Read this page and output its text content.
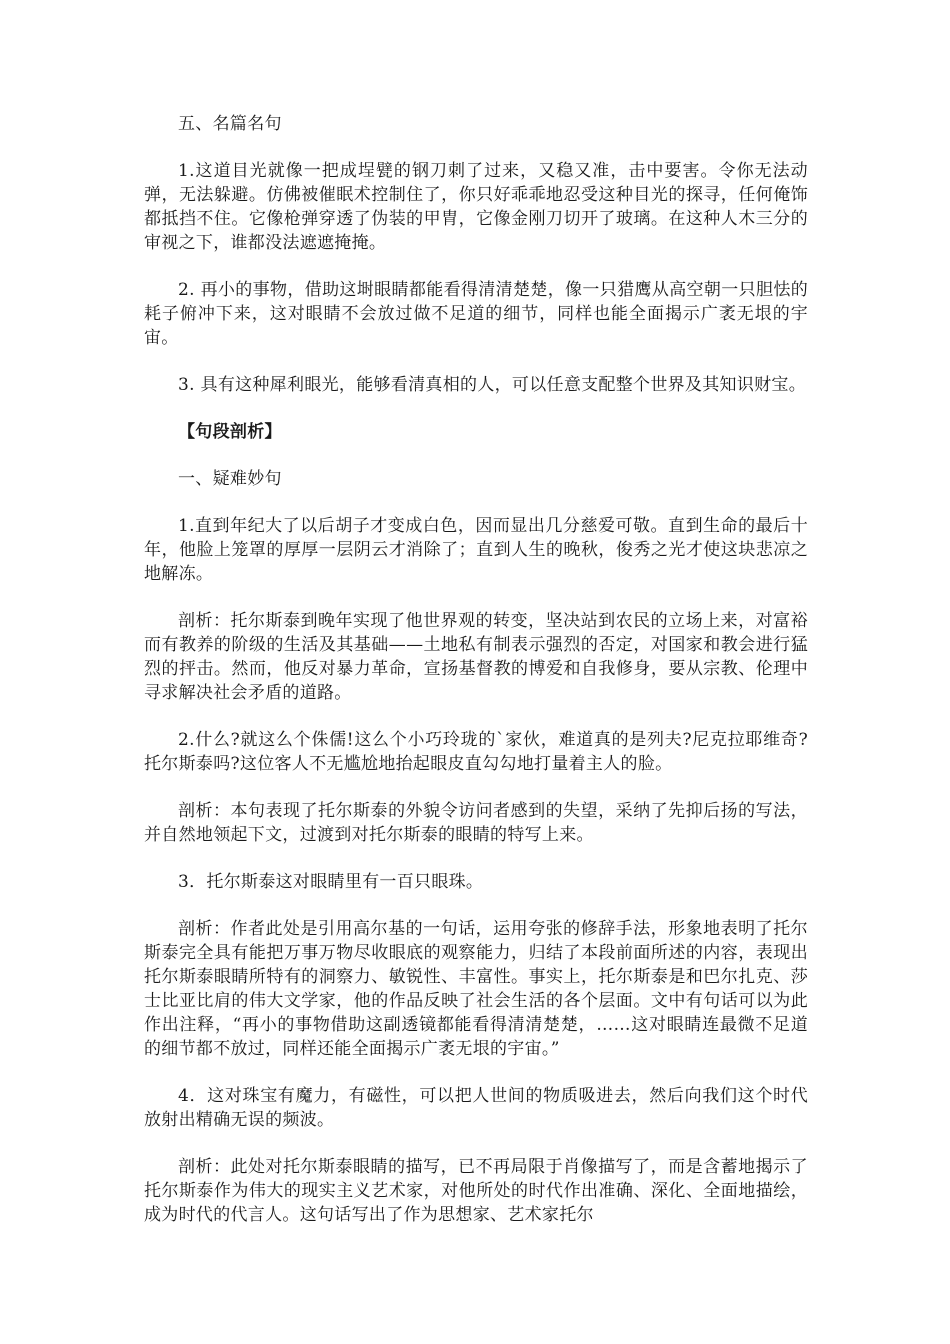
五、名篇名句
1.这道目光就像一把成埕甓的钢刀刺了过来，又稳又准，击中要害。令你无法动弹，无法躲避。仿佛被催眠术控制住了，你只好乖乖地忍受这种目光的探寻，任何俺饰都抵挡不住。它像枪弹穿透了伪装的甲胄，它像金刚刀切开了玻璃。在这种人木三分的审视之下，谁都没法遮遮掩掩。
2. 再小的事物，借助这埘眼睛都能看得清清楚楚，像一只猎鹰从高空朝一只胆怯的耗子俯冲下来，这对眼睛不会放过做不足道的细节，同样也能全面揭示广袤无垠的宇宙。
3. 具有这种犀利眼光，能够看清真相的人，可以任意支配整个世界及其知识财宝。
【句段剖析】
一、疑难妙句
1.直到年纪大了以后胡子才变成白色，因而显出几分慈爱可敬。直到生命的最后十年，他脸上笼罩的厚厚一层阴云才消除了；直到人生的晚秋，俊秀之光才使这块悲凉之地解冻。
剖析：托尔斯泰到晚年实现了他世界观的转变，坚决站到农民的立场上来，对富裕而有教养的阶级的生活及其基础——土地私有制表示强烈的否定，对国家和教会进行猛烈的抨击。然而，他反对暴力革命，宣扬基督教的博爱和自我修身，要从宗教、伦理中寻求解决社会矛盾的道路。
2.什么?就这么个侏儒!这么个小巧玲珑的`家伙，难道真的是列夫?尼克拉耶维奇?托尔斯泰吗?这位客人不无尴尬地抬起眼皮直勾勾地打量着主人的脸。
剖析：本句表现了托尔斯泰的外貌令访问者感到的失望，采纳了先抑后扬的写法，并自然地领起下文，过渡到对托尔斯泰的眼睛的特写上来。
3．托尔斯泰这对眼睛里有一百只眼珠。
剖析：作者此处是引用高尔基的一句话，运用夸张的修辞手法，形象地表明了托尔斯泰完全具有能把万事万物尽收眼底的观察能力，归结了本段前面所述的内容，表现出托尔斯泰眼睛所特有的洞察力、敏锐性、丰富性。事实上，托尔斯泰是和巴尔扎克、莎士比亚比肩的伟大文学家，他的作品反映了社会生活的各个层面。文中有句话可以为此作出注释，“再小的事物借助这副透镜都能看得清清楚楚，……这对眼睛连最微不足道的细节都不放过，同样还能全面揭示广袤无垠的宇宙。”
4．这对珠宝有魔力，有磁性，可以把人世间的物质吸进去，然后向我们这个时代放射出精确无误的频波。
剖析：此处对托尔斯泰眼睛的描写，已不再局限于肖像描写了，而是含蓄地揭示了托尔斯泰作为伟大的现实主义艺术家，对他所处的时代作出准确、深化、全面地描绘，成为时代的代言人。这句话写出了作为思想家、艺术家托尔
